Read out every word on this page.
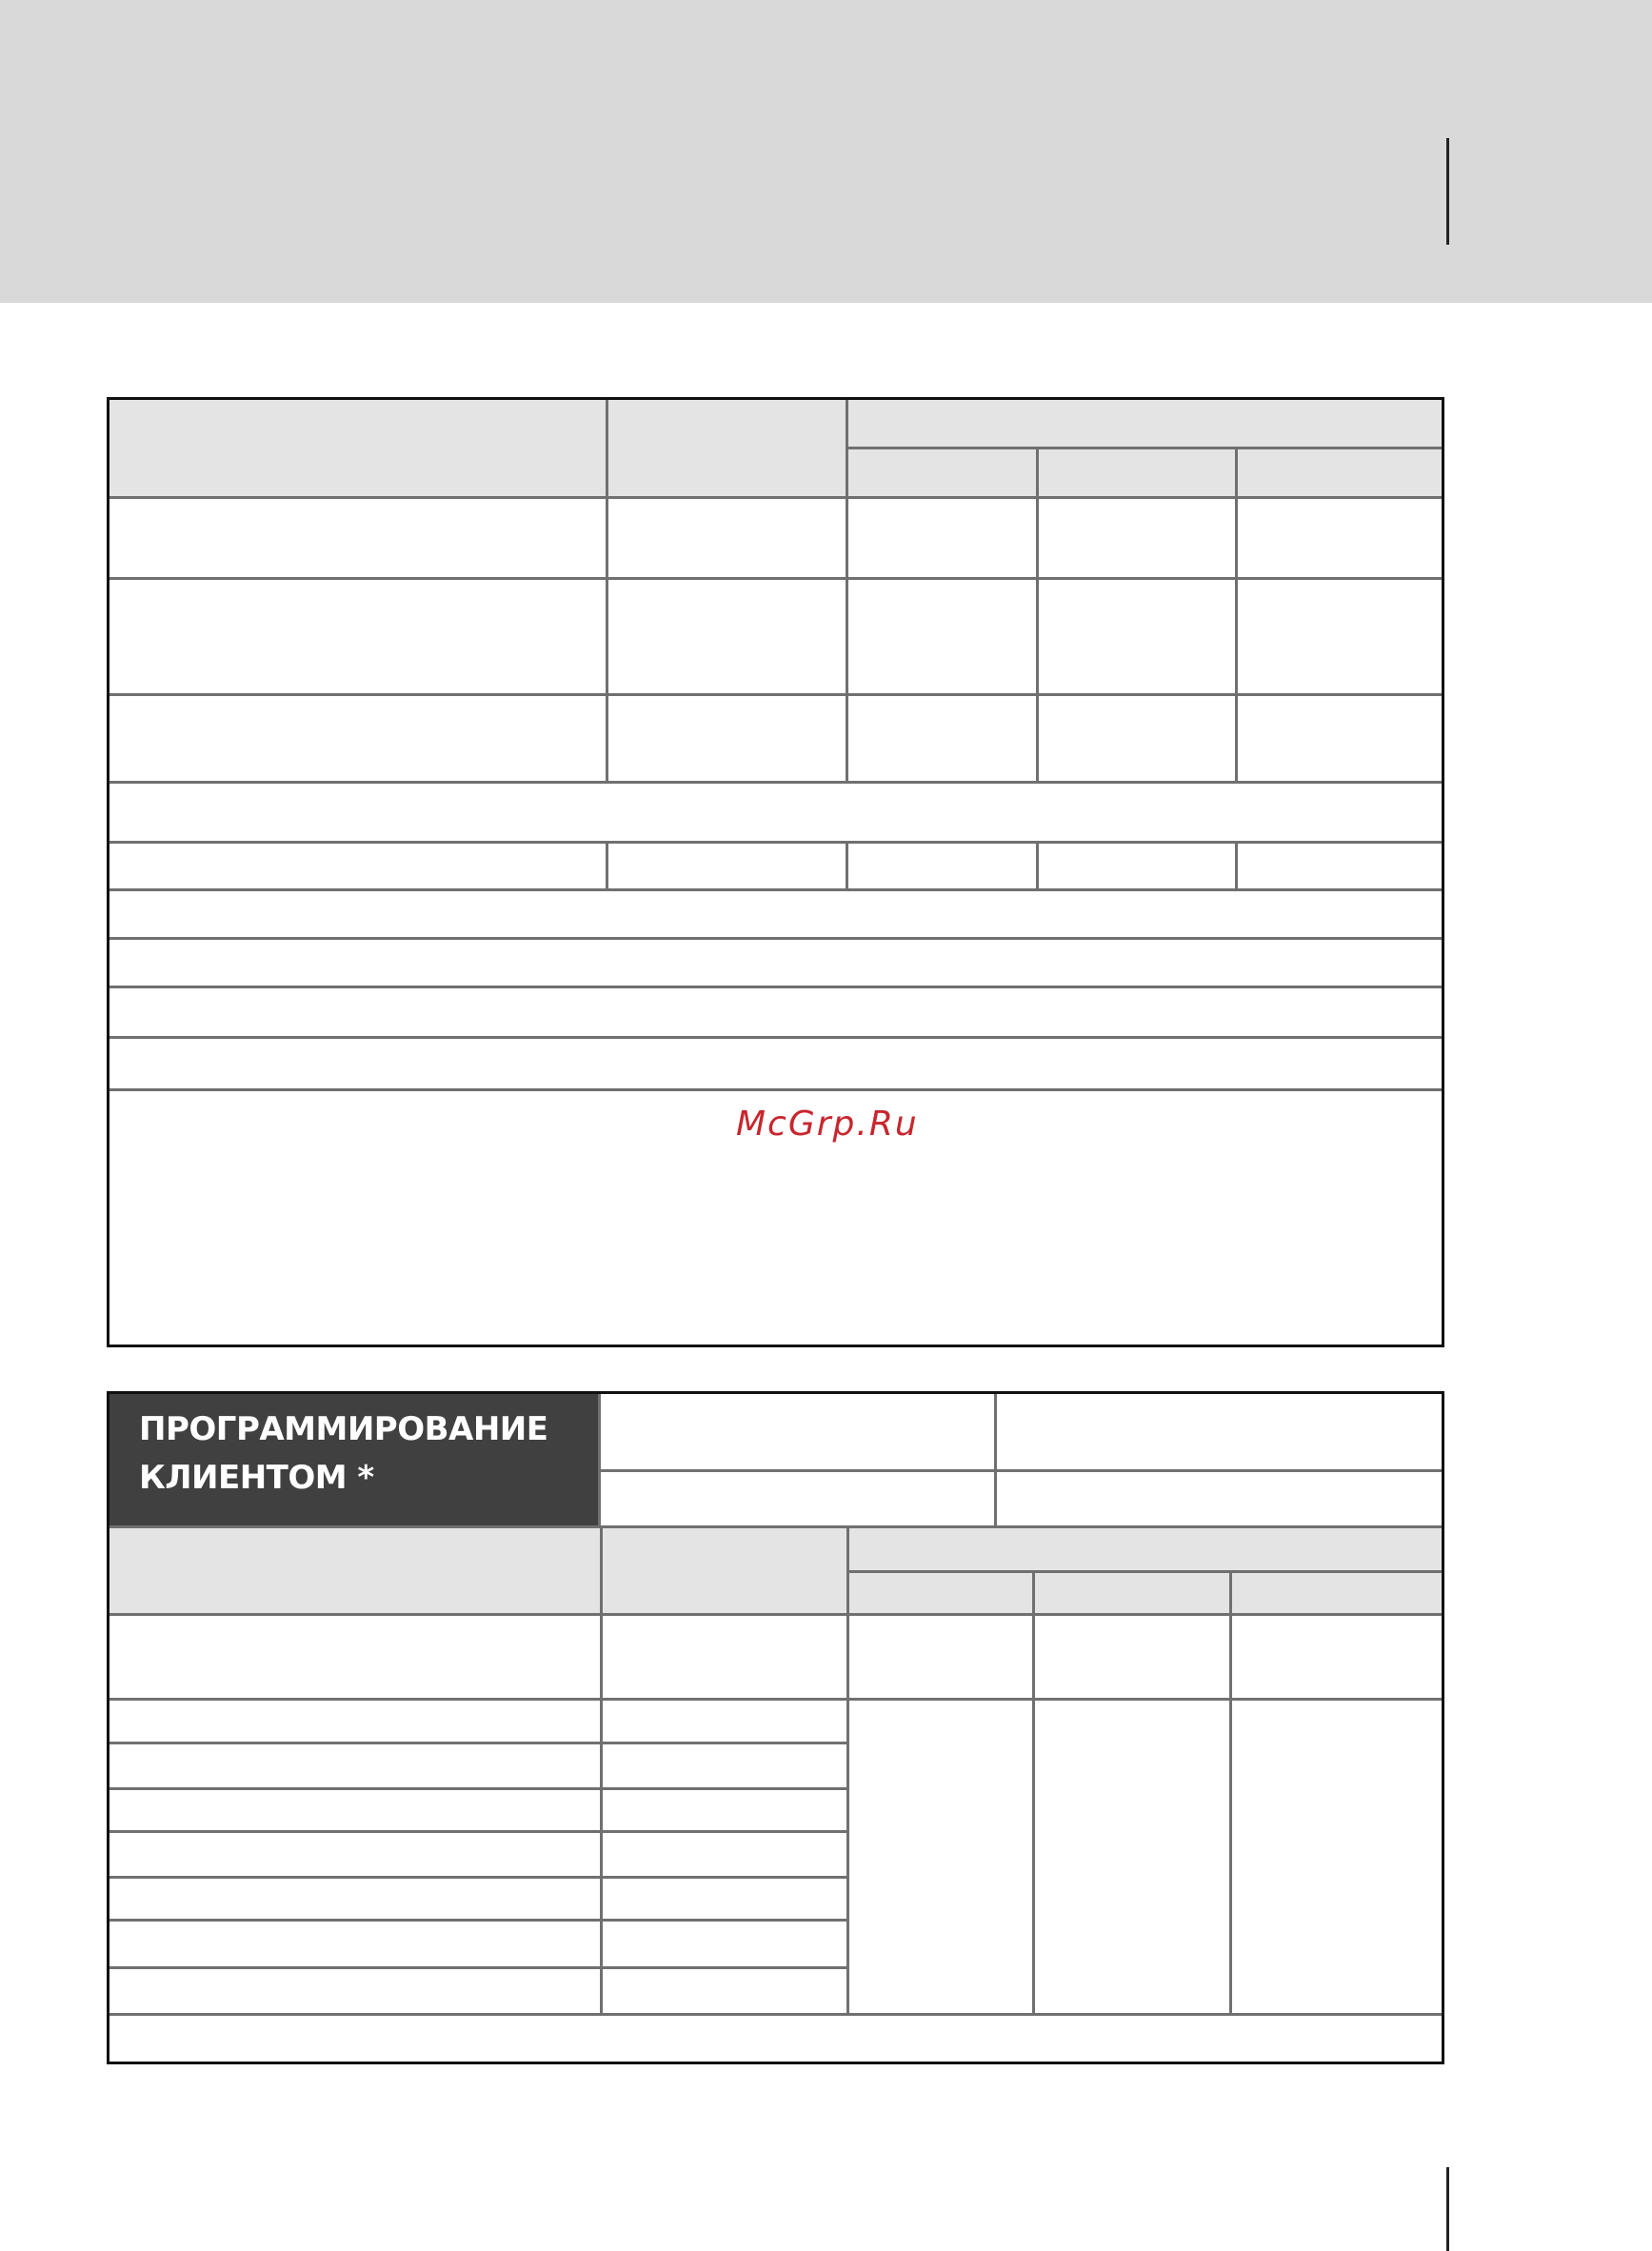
McGrp.Ru
ПРОГРАММИРОВАНИЕ
КЛИЕНТОМ *
